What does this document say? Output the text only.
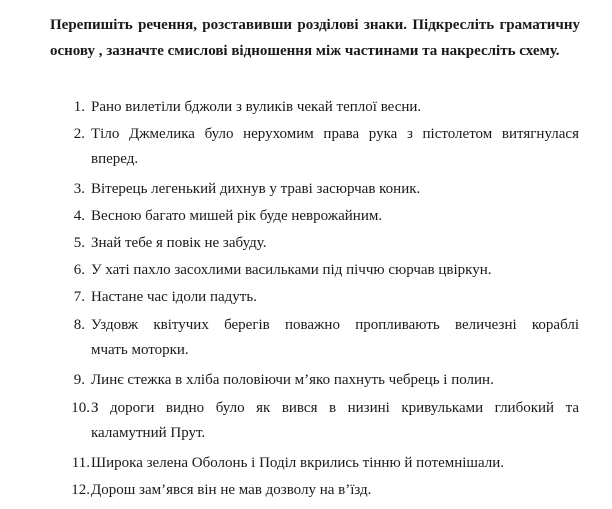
Перепишіть речення, розставивши розділові знаки. Підкресліть граматичну основу , зазначте смислові відношення між частинами та накресліть схему.
1. Рано вилетіли бджоли з вуликів чекай теплої весни.
2. Тіло Джмелика було нерухомим права рука з пістолетом витягнулася
вперед.
3. Вітерець легенький дихнув у траві засюрчав коник.
4. Весною багато мишей рік буде неврожайним.
5. Знай тебе я повік не забуду.
6. У хаті пахло засохлими васильками під піччю сюрчав цвіркун.
7. Настане час ідоли падуть.
8. Уздовж квітучих берегів поважно пропливають величезні кораблі
мчать моторки.
9. Линє стежка в хліба половіючи м’яко пахнуть чебрець і полин.
10. З дороги видно було як вився в низині кривульками глибокий та
каламутний Прут.
11. Широка зелена Оболонь і Поділ вкрились тінню й потемнішали.
12. Дорош зам’явся він не мав дозволу на в’їзд.
